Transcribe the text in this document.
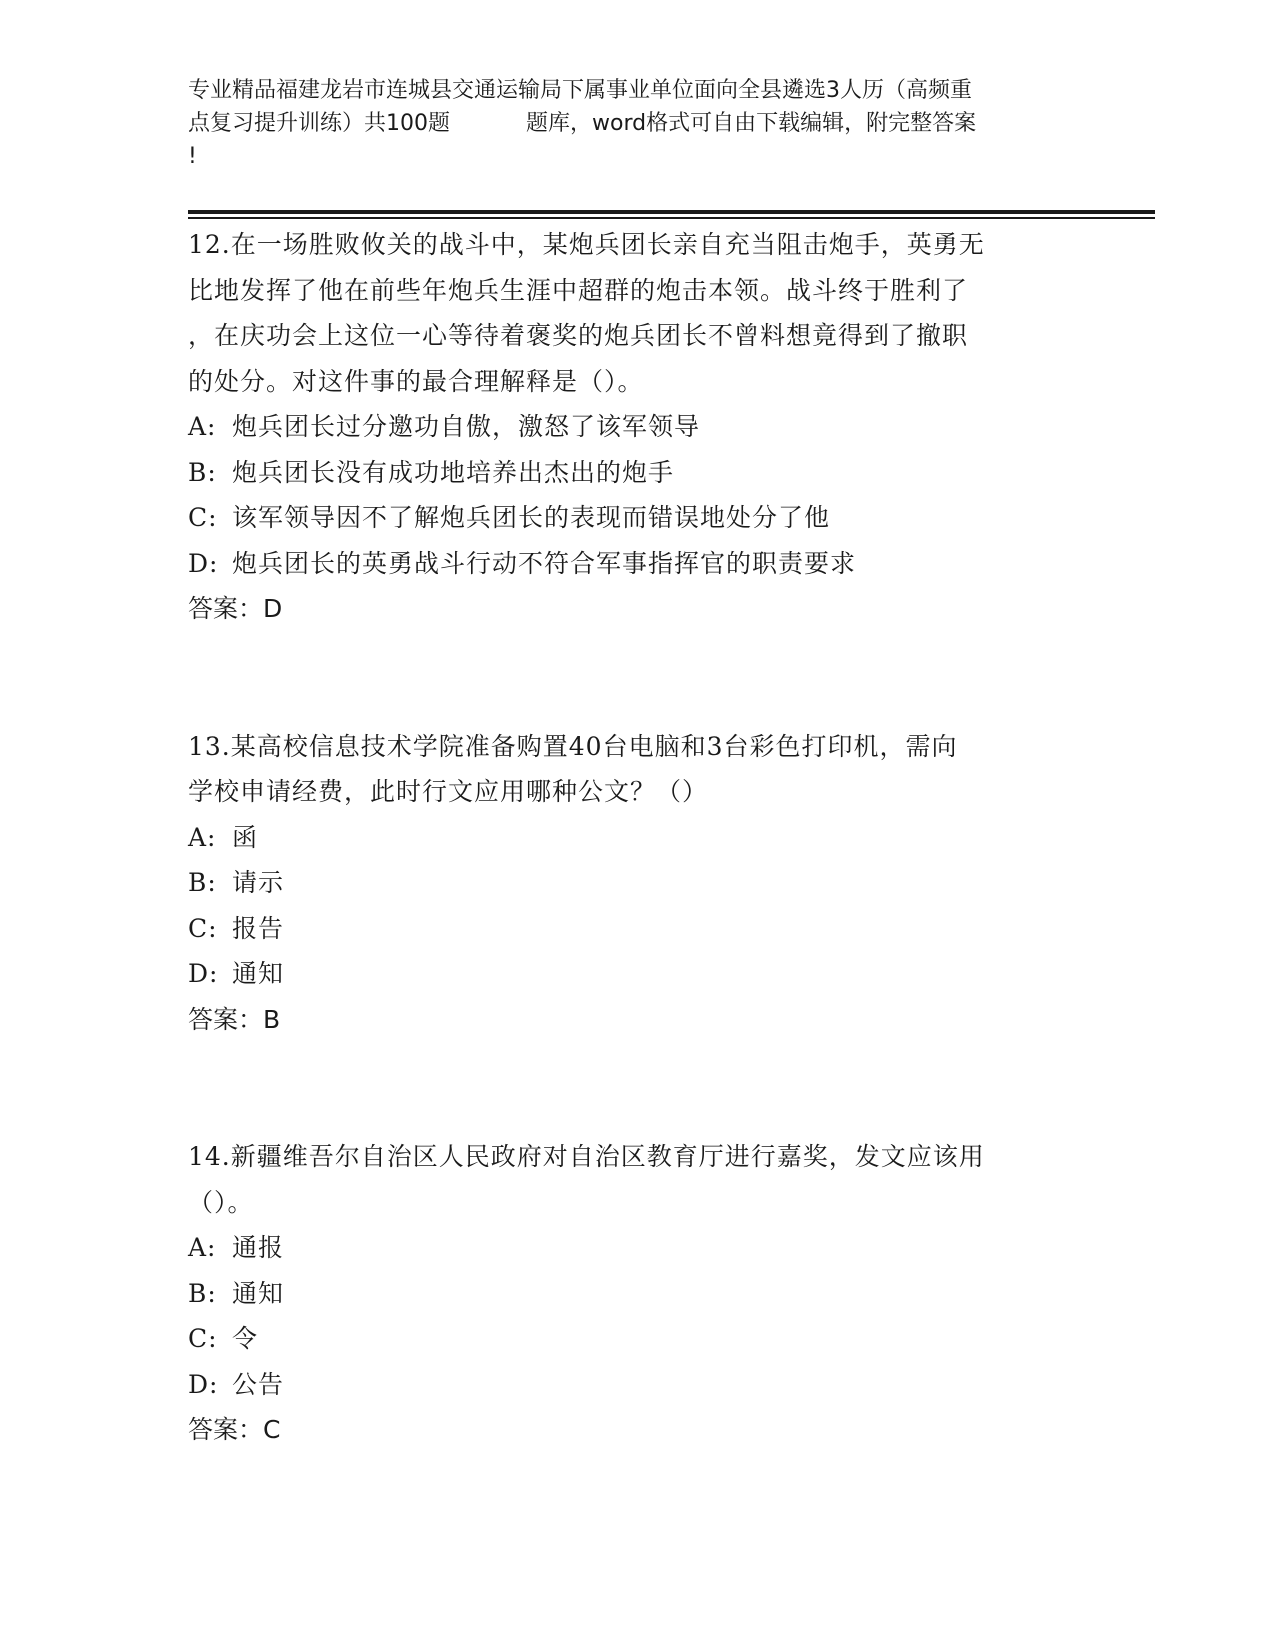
专业精品福建龙岩市连城县交通运输局下属事业单位面向全县遴选3人历（高频重
点复习提升训练）共100题	题库，word格式可自由下载编辑，附完整答案
!
12.在一场胜败攸关的战斗中，某炮兵团长亲自充当阻击炮手，英勇无
比地发挥了他在前些年炮兵生涯中超群的炮击本领。战斗终于胜利了
，在庆功会上这位一心等待着褒奖的炮兵团长不曾料想竟得到了撤职
的处分。对这件事的最合理解释是（）。
A: 炮兵团长过分邀功自傲，激怒了该军领导
B: 炮兵团长没有成功地培养出杰出的炮手
C: 该军领导因不了解炮兵团长的表现而错误地处分了他
D: 炮兵团长的英勇战斗行动不符合军事指挥官的职责要求
答案：D
13.某高校信息技术学院准备购置40台电脑和3台彩色打印机，需向
学校申请经费，此时行文应用哪种公文？（）
A: 函
B: 请示
C: 报告
D: 通知
答案：B
14.新疆维吾尔自治区人民政府对自治区教育厅进行嘉奖，发文应该用
（）。
A: 通报
B: 通知
C: 令
D: 公告
答案：C
